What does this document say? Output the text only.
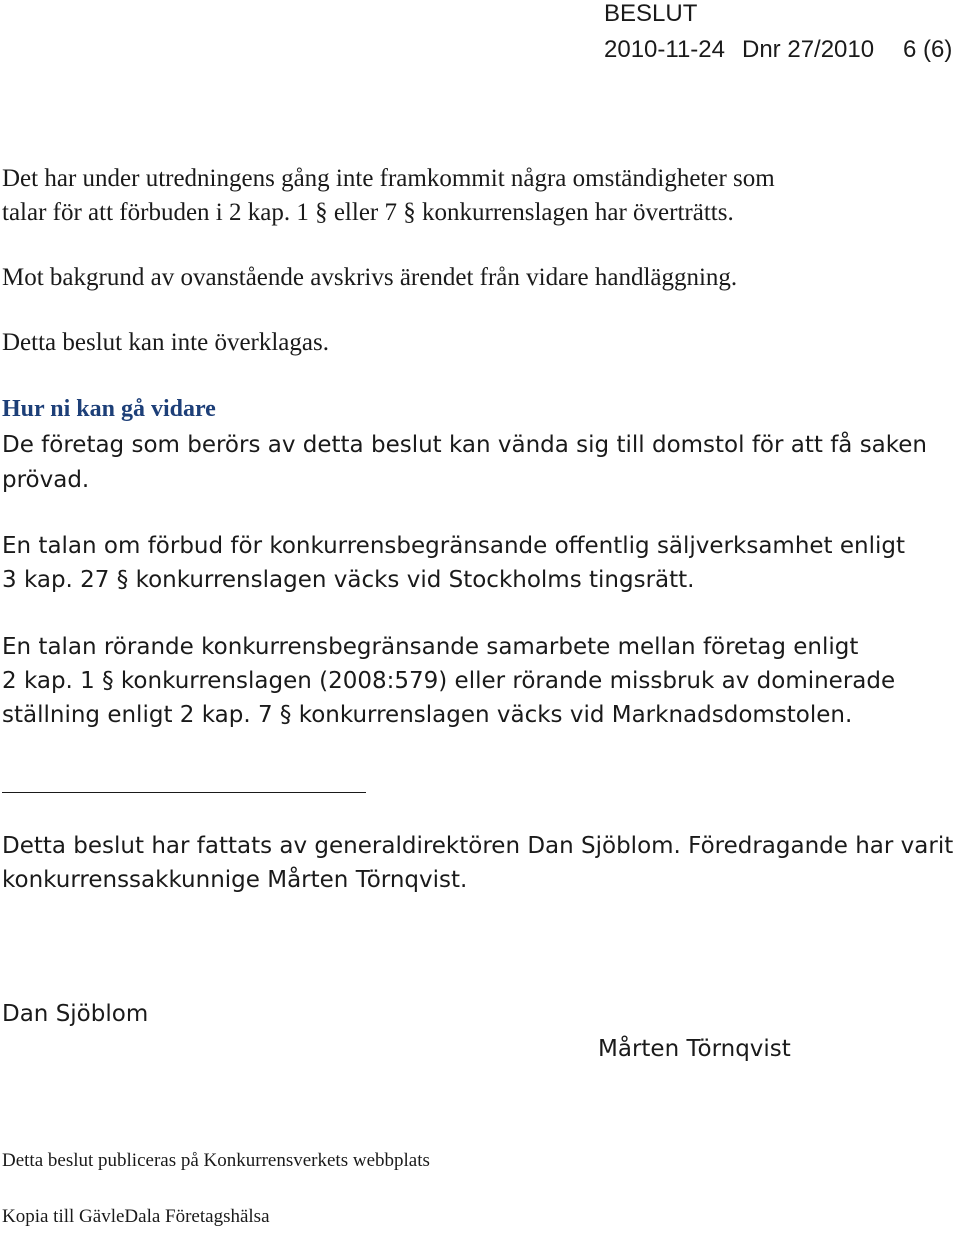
BESLUT
2010-11-24 Dnr 27/2010 6 (6)
Det har under utredningens gång inte framkommit några omständigheter som
talar för att förbuden i 2 kap. 1 § eller 7 § konkurrenslagen har överträtts.
Mot bakgrund av ovanstående avskrivs ärendet från vidare handläggning.
Detta beslut kan inte överklagas.
Hur ni kan gå vidare
De företag som berörs av detta beslut kan vända sig till domstol för att få saken
prövad.
En talan om förbud för konkurrensbegränsande offentlig säljverksamhet enligt
3 kap. 27 § konkurrenslagen väcks vid Stockholms tingsrätt.
En talan rörande konkurrensbegränsande samarbete mellan företag enligt
2 kap. 1 § konkurrenslagen (2008:579) eller rörande missbruk av dominerade
ställning enligt 2 kap. 7 § konkurrenslagen väcks vid Marknadsdomstolen.
Detta beslut har fattats av generaldirektören Dan Sjöblom. Föredragande har varit
konkurrenssakkunnige Mårten Törnqvist.
Dan Sjöblom
Mårten Törnqvist
Detta beslut publiceras på Konkurrensverkets webbplats
Kopia till GävleDala Företagshälsa
